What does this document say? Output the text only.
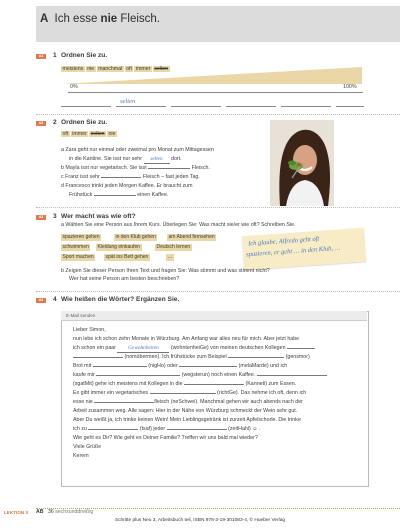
A Ich esse nie Fleisch.
A1	1 Ordnen Sie zu.
meistens nie manchmal oft immer selten
0%	100%
selten
A2	2 Ordnen Sie zu.
oft immer selten nie
a Zara geht nur einmal oder zweimal pro Monat zum Mittagessen
in die Kantine. Sie isst nur sehr selten dort.
b Mayla isst nur vegetarisch. Sie isst	Fleisch.
c Franz isst sehr	Fleisch – fast jeden Tag.
d Francesco trinkt jeden Morgen Kaffee. Er braucht zum
Frühstück	einen Kaffee.
A3	3 Wer macht was wie oft?
a Wählen Sie eine Person aus Ihrem Kurs. Überlegen Sie: Was macht sie/er wie oft? Schreiben Sie.
spazieren gehen	in den Klub gehen	am Abend fernsehen
schwimmen	Kleidung einkaufen	Deutsch lernen
Sport machen	spät ins Bett gehen	…
Ich glaube, Alfredo geht oft
spazieren, er geht … in den Klub, …
b Zeigen Sie dieser Person Ihren Text und fragen Sie: Was stimmt und was stimmt nicht?
Wer hat seine Person am besten beschrieben?
A4	4 Wie heißen die Wörter? Ergänzen Sie.
E-Mail senden
Lieber Simon,
nun lebe ich schon zehn Monate in Würzburg. Am Anfang war alles neu für mich. Aber jetzt habe
ich schon ein paar Gewohnheiten (wohntenheiGe) von meinen deutschen Kollegen
(nomübermen). Ich frühstücke zum Beispiel	(gensmor)
Brot mit	(nigHo) oder	(melaMarde) und ich
kaufe mir	(wegsterun) noch einen Kaffee.
(sgatMit) gehe ich meistens mit Kollegen in die	(Kanneti) zum Essen.
Es gibt immer ein vegetarisches	(richtGe). Das nehme ich oft, denn ich
esse nie	fleisch (neSchwei). Manchmal gehen wir auch abends nach der
Arbeit zusammen weg. Alle sagen: Hier in der Nähe von Würzburg schmeckt der Wein sehr gut.
Aber Du weißt ja, ich trinke keinen Wein! Mein Lieblingsgetränk ist zurzeit Apfelschorle. Die trinke
ich zu	(tsaf) jeder	(zeitHahl) ☺ .
Wie geht es Dir? Wie geht es Deiner Familie? Treffen wir uns bald mal wieder?
Viele Grüße
Kerem
LEKTION 3 AB 36 sechsunddreißig
Schritte plus Neu 3, Arbeitsbuch teil, ISBN 978-3-19-301083-4, © Hueber Verlag
